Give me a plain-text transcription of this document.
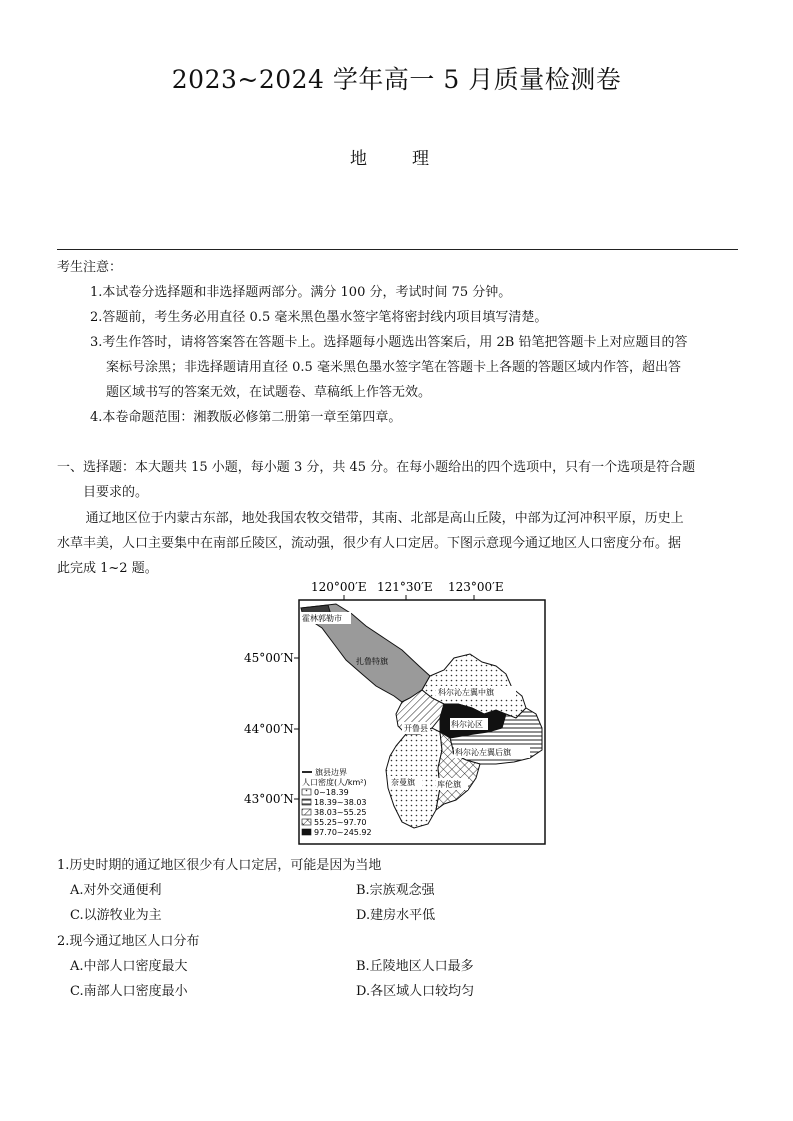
2023~2024 学年高一 5 月质量检测卷
地　理
考生注意：
1.本试卷分选择题和非选择题两部分。满分 100 分，考试时间 75 分钟。
2.答题前，考生务必用直径 0.5 毫米黑色墨水签字笔将密封线内项目填写清楚。
3.考生作答时，请将答案答在答题卡上。选择题每小题选出答案后，用 2B 铅笔把答题卡上对应题目的答
案标号涂黑；非选择题请用直径 0.5 毫米黑色墨水签字笔在答题卡上各题的答题区域内作答，超出答
题区域书写的答案无效，在试题卷、草稿纸上作答无效。
4.本卷命题范围：湘教版必修第二册第一章至第四章。
一、选择题：本大题共 15 小题，每小题 3 分，共 45 分。在每小题给出的四个选项中，只有一个选项是符合题
目要求的。
通辽地区位于内蒙古东部，地处我国农牧交错带，其南、北部是高山丘陵，中部为辽河冲积平原，历史上
水草丰美，人口主要集中在南部丘陵区，流动强，很少有人口定居。下图示意现今通辽地区人口密度分布。据
此完成 1~2 题。
120°00′E 121°30′E 123°00′E
45°00′N
44°00′N
43°00′N
霍林郭勒市
扎鲁特旗
科尔沁左翼中旗
开鲁县	科尔沁区
科尔沁左翼后旗
奈曼旗	库伦旗
旗县边界
人口密度(人/km²)
0~18.39
18.39~38.03
38.03~55.25
55.25~97.70
97.70~245.92
1.历史时期的通辽地区很少有人口定居，可能是因为当地
A.对外交通便利	B.宗族观念强
C.以游牧业为主	D.建房水平低
2.现今通辽地区人口分布
A.中部人口密度最大	B.丘陵地区人口最多
C.南部人口密度最小	D.各区域人口较均匀
